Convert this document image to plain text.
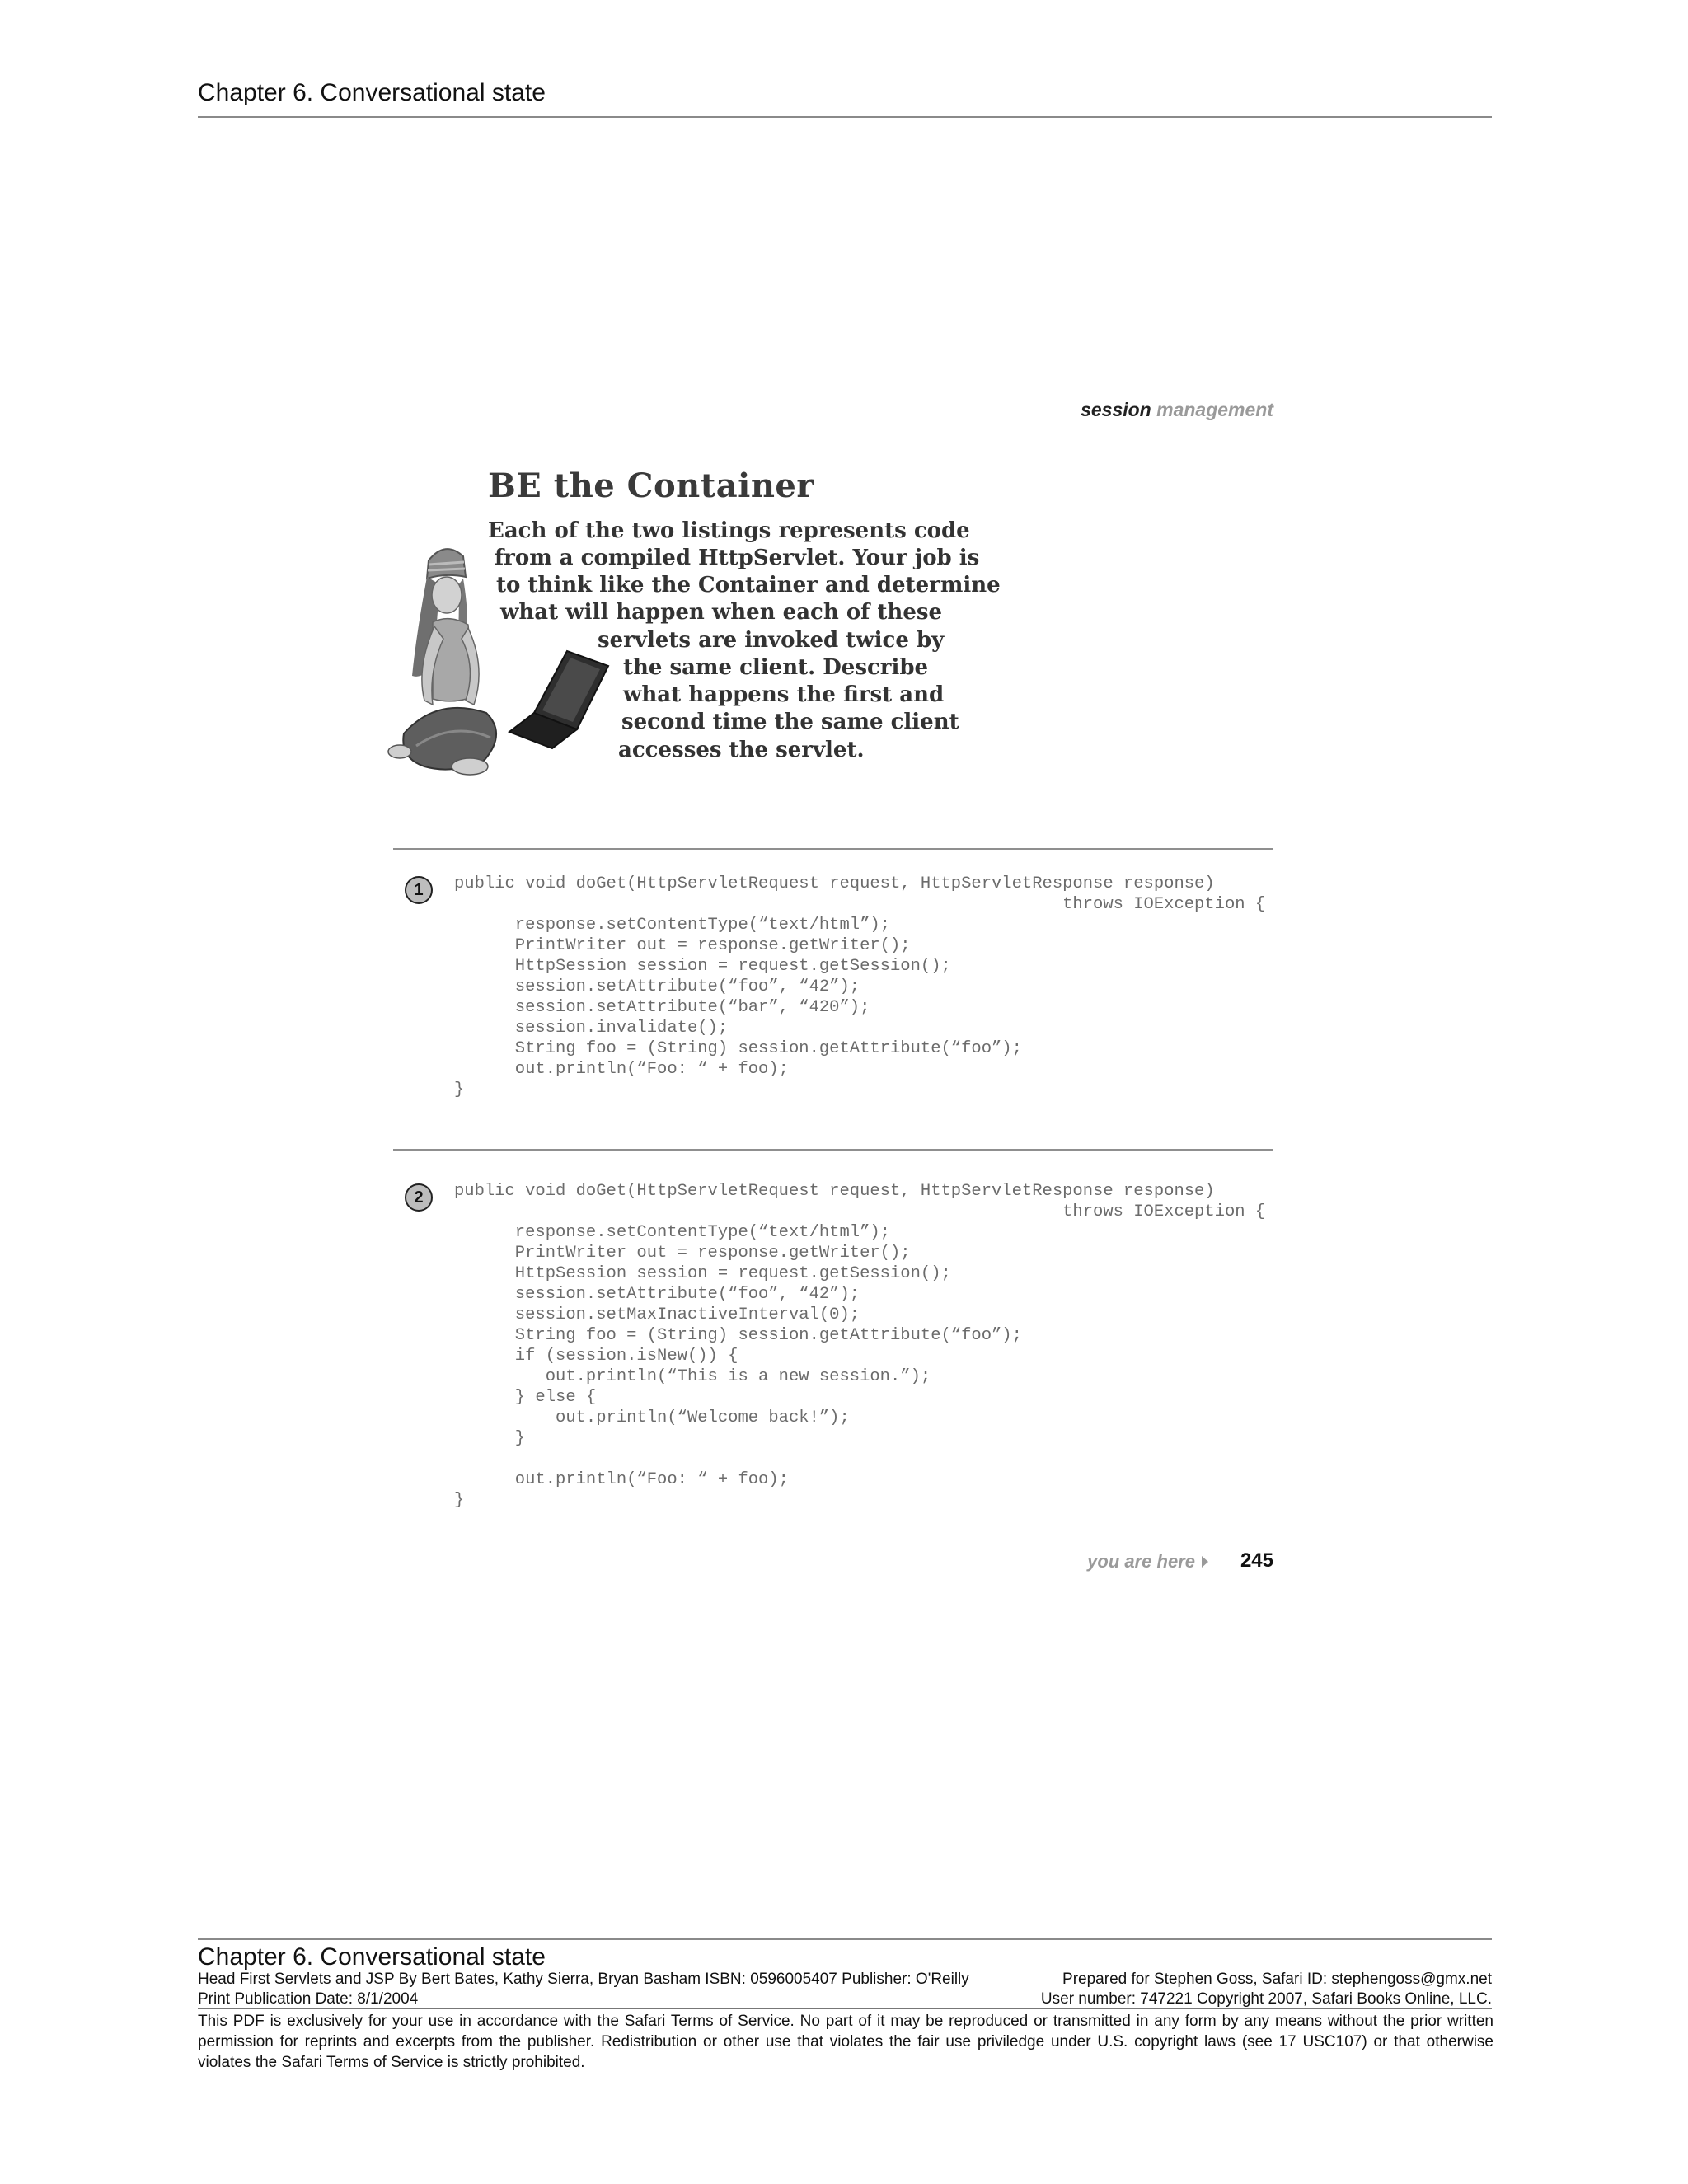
Chapter 6. Conversational state
session management
BE the Container
Each of the two listings represents code
from a compiled HttpServlet. Your job is
to think like the Container and determine
what will happen when each of these
servlets are invoked twice by
the same client. Describe
what happens the first and
second time the same client
accesses the servlet.
1	public void doGet(HttpServletRequest request, HttpServletResponse response)
throws IOException {
response.setContentType(“text/html”);
PrintWriter out = response.getWriter();
HttpSession session = request.getSession();
session.setAttribute(“foo”, “42”);
session.setAttribute(“bar”, “420”);
session.invalidate();
String foo = (String) session.getAttribute(“foo”);
out.println(“Foo: “ + foo);
}
2	public void doGet(HttpServletRequest request, HttpServletResponse response)
throws IOException {
response.setContentType(“text/html”);
PrintWriter out = response.getWriter();
HttpSession session = request.getSession();
session.setAttribute(“foo”, “42”);
session.setMaxInactiveInterval(0);
String foo = (String) session.getAttribute(“foo”);
if (session.isNew()) {
out.println(“This is a new session.”);
} else {
out.println(“Welcome back!”);
}

out.println(“Foo: “ + foo);
}
you are here	245
Chapter 6. Conversational state
Head First Servlets and JSP By Bert Bates, Kathy Sierra, Bryan Basham ISBN: 0596005407 Publisher: O'Reilly	Prepared for Stephen Goss, Safari ID: stephengoss@gmx.net
Print Publication Date: 8/1/2004	User number: 747221 Copyright 2007, Safari Books Online, LLC.
This PDF is exclusively for your use in accordance with the Safari Terms of Service. No part of it may be reproduced or transmitted in any form by any means without the prior written permission for reprints and excerpts from the publisher. Redistribution or other use that violates the fair use priviledge under U.S. copyright laws (see 17 USC107) or that otherwise violates the Safari Terms of Service is strictly prohibited.
